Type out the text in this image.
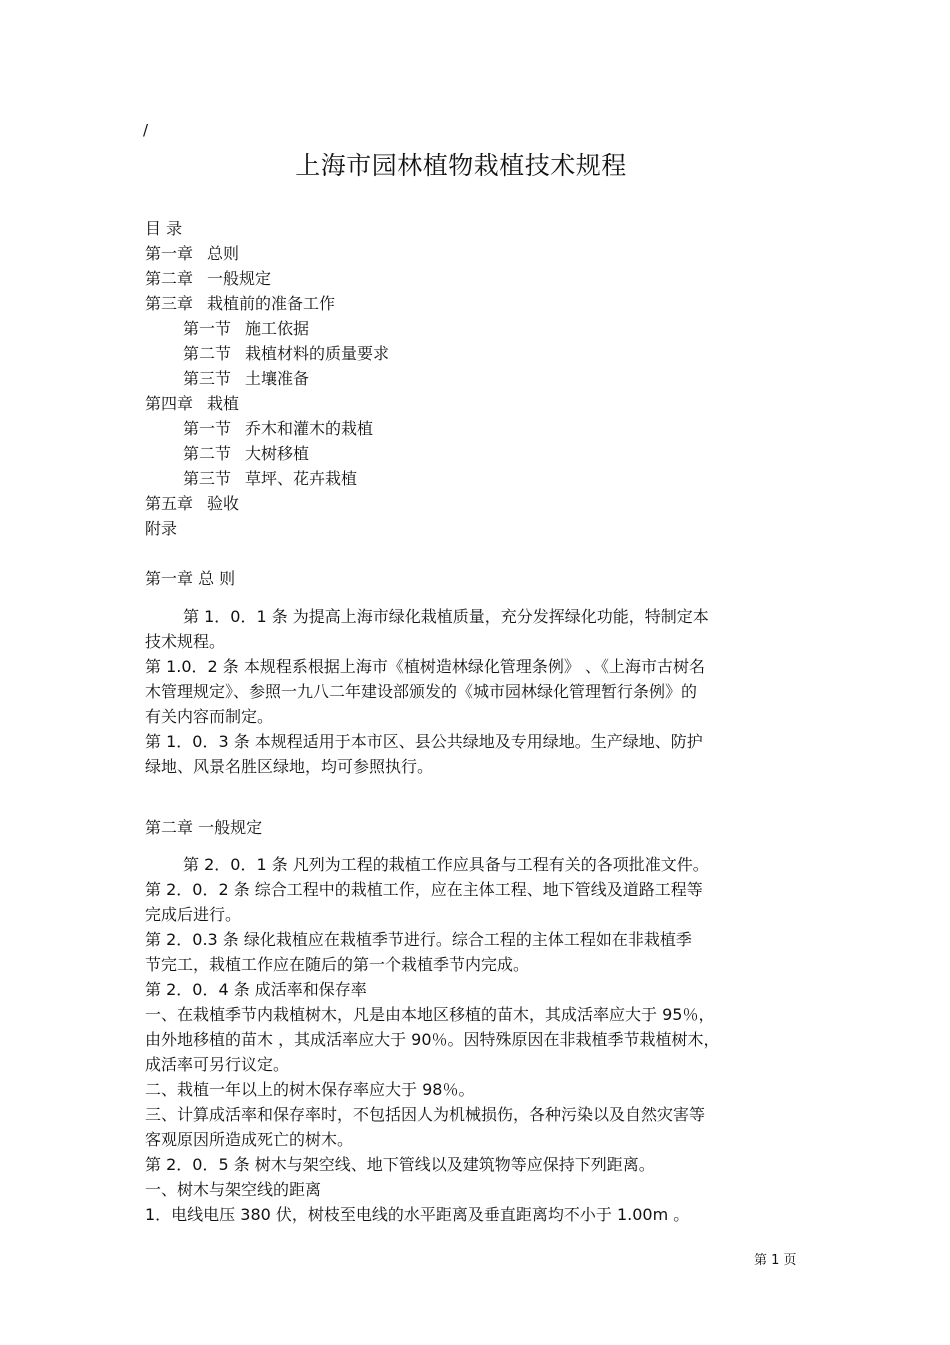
/
上海市园林植物栽植技术规程
目 录
第一章 总则
第二章 一般规定
第三章 栽植前的准备工作
第一节 施工依据
第二节 栽植材料的质量要求
第三节 土壤准备
第四章 栽植
第一节 乔木和灌木的栽植
第二节 大树移植
第三节 草坪、花卉栽植
第五章 验收
附录
第一章 总 则
第 1．0．1 条 为提高上海市绿化栽植质量，充分发挥绿化功能，特制定本
技术规程。
第 1.0．2 条 本规程系根据上海市《植树造林绿化管理条例》 、《上海市古树名
木管理规定》、参照一九八二年建设部颁发的《城市园林绿化管理暂行条例》的
有关内容而制定。
第 1．0．3 条 本规程适用于本市区、县公共绿地及专用绿地。生产绿地、防护
绿地、风景名胜区绿地，均可参照执行。
第二章 一般规定
第 2．0．1 条 凡列为工程的栽植工作应具备与工程有关的各项批准文件。
第 2．0．2 条 综合工程中的栽植工作，应在主体工程、地下管线及道路工程等
完成后进行。
第 2．0.3 条 绿化栽植应在栽植季节进行。综合工程的主体工程如在非栽植季
节完工，栽植工作应在随后的第一个栽植季节内完成。
第 2．0．4 条 成活率和保存率
一、在栽植季节内栽植树木，凡是由本地区移植的苗木，其成活率应大于 95％，
由外地移植的苗木 ，其成活率应大于 90％。因特殊原因在非栽植季节栽植树木，
成活率可另行议定。
二、栽植一年以上的树木保存率应大于 98％。
三、计算成活率和保存率时，不包括因人为机械损伤，各种污染以及自然灾害等
客观原因所造成死亡的树木。
第 2．0．5 条 树木与架空线、地下管线以及建筑物等应保持下列距离。
一、树木与架空线的距离
1．电线电压 380 伏，树枝至电线的水平距离及垂直距离均不小于 1.00m 。
第 1 页
